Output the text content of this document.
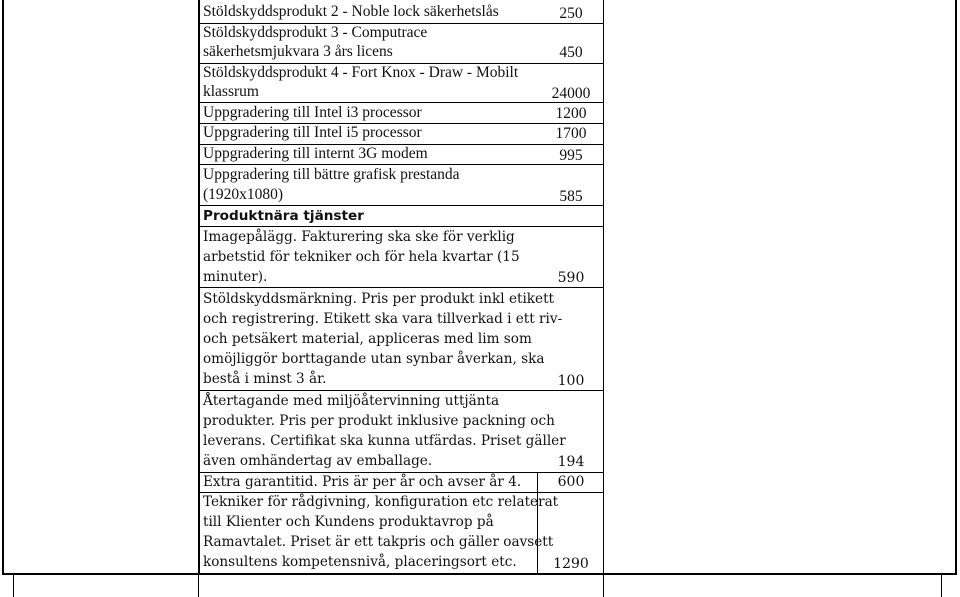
Stöldskyddsprodukt 2 - Noble lock säkerhetslås	250
Stöldskyddsprodukt 3 - Computrace
säkerhetsmjukvara 3 års licens	450
Stöldskyddsprodukt 4 - Fort Knox - Draw - Mobilt
klassrum	24000
Uppgradering till Intel i3 processor	1200
Uppgradering till Intel i5 processor	1700
Uppgradering till internt 3G modem	995
Uppgradering till bättre grafisk prestanda
(1920x1080)	585
Produktnära tjänster
Imagepålägg. Fakturering ska ske för verklig
arbetstid för tekniker och för hela kvartar (15
minuter).	590
Stöldskyddsmärkning. Pris per produkt inkl etikett
och registrering. Etikett ska vara tillverkad i ett riv-
och petsäkert material, appliceras med lim som
omöjliggör borttagande utan synbar åverkan, ska
bestå i minst 3 år.	100
Återtagande med miljöåtervinning uttjänta
produkter. Pris per produkt inklusive packning och
leverans. Certifikat ska kunna utfärdas. Priset gäller
även omhändertag av emballage.	194
Extra garantitid. Pris är per år och avser år 4.	600
Tekniker för rådgivning, konfiguration etc relaterat
till Klienter och Kundens produktavrop på
Ramavtalet. Priset är ett takpris och gäller oavsett
konsultens kompetensnivå, placeringsort etc.	1290
